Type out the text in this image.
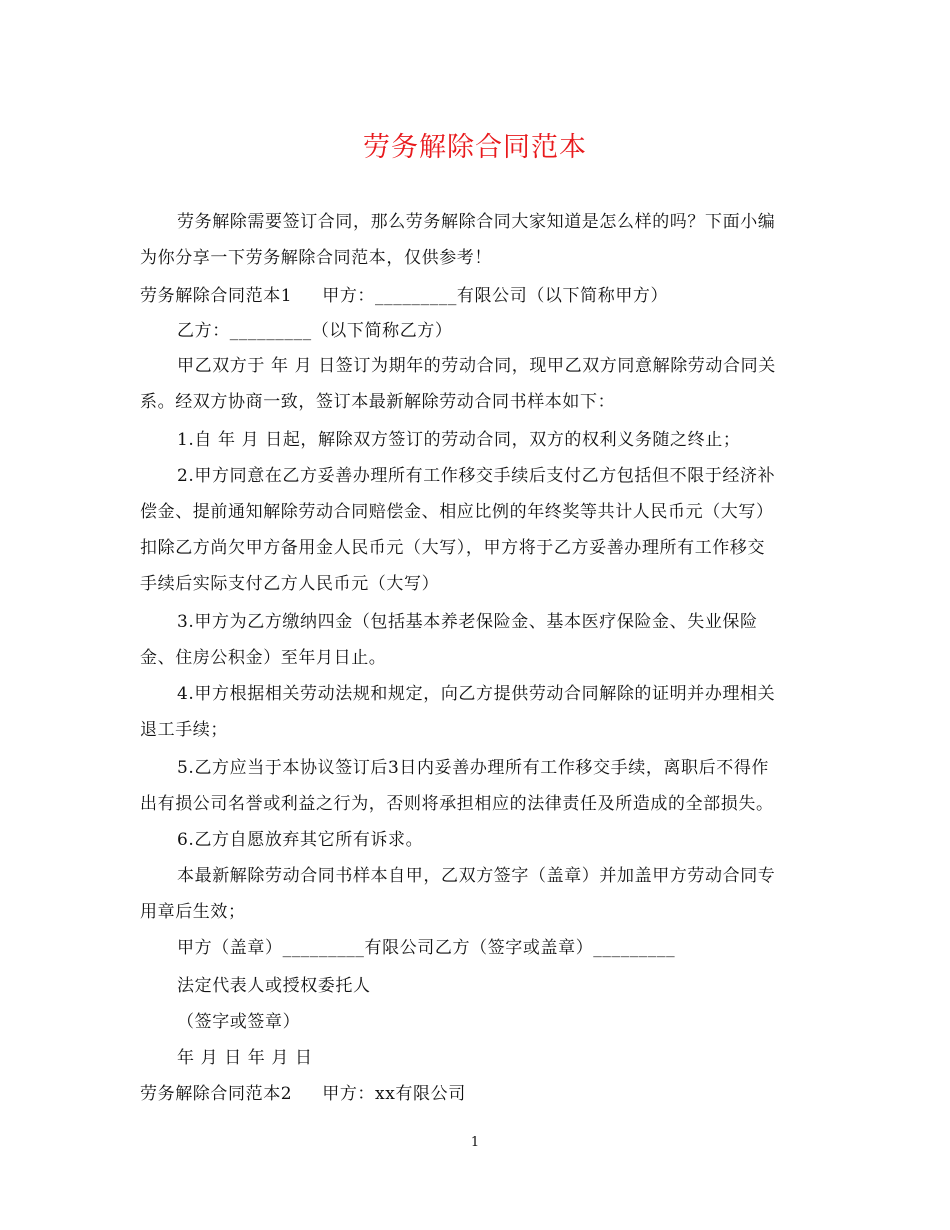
劳务解除合同范本
劳务解除需要签订合同，那么劳务解除合同大家知道是怎么样的吗？下面小编
为你分享一下劳务解除合同范本，仅供参考！
劳务解除合同范本1 甲方：_________有限公司（以下简称甲方）
乙方：_________（以下简称乙方）
甲乙双方于 年 月 日签订为期年的劳动合同，现甲乙双方同意解除劳动合同关
系。经双方协商一致，签订本最新解除劳动合同书样本如下：
1.自 年 月 日起，解除双方签订的劳动合同，双方的权利义务随之终止；
2.甲方同意在乙方妥善办理所有工作移交手续后支付乙方包括但不限于经济补
偿金、提前通知解除劳动合同赔偿金、相应比例的年终奖等共计人民币元（大写）
扣除乙方尚欠甲方备用金人民币元（大写），甲方将于乙方妥善办理所有工作移交
手续后实际支付乙方人民币元（大写）
3.甲方为乙方缴纳四金（包括基本养老保险金、基本医疗保险金、失业保险
金、住房公积金）至年月日止。
4.甲方根据相关劳动法规和规定，向乙方提供劳动合同解除的证明并办理相关
退工手续；
5.乙方应当于本协议签订后3日内妥善办理所有工作移交手续，离职后不得作
出有损公司名誉或利益之行为，否则将承担相应的法律责任及所造成的全部损失。
6.乙方自愿放弃其它所有诉求。
本最新解除劳动合同书样本自甲，乙双方签字（盖章）并加盖甲方劳动合同专
用章后生效；
甲方（盖章）_________有限公司乙方（签字或盖章）_________
法定代表人或授权委托人
（签字或签章）
年 月 日 年 月 日
劳务解除合同范本2 甲方：xx有限公司
1
